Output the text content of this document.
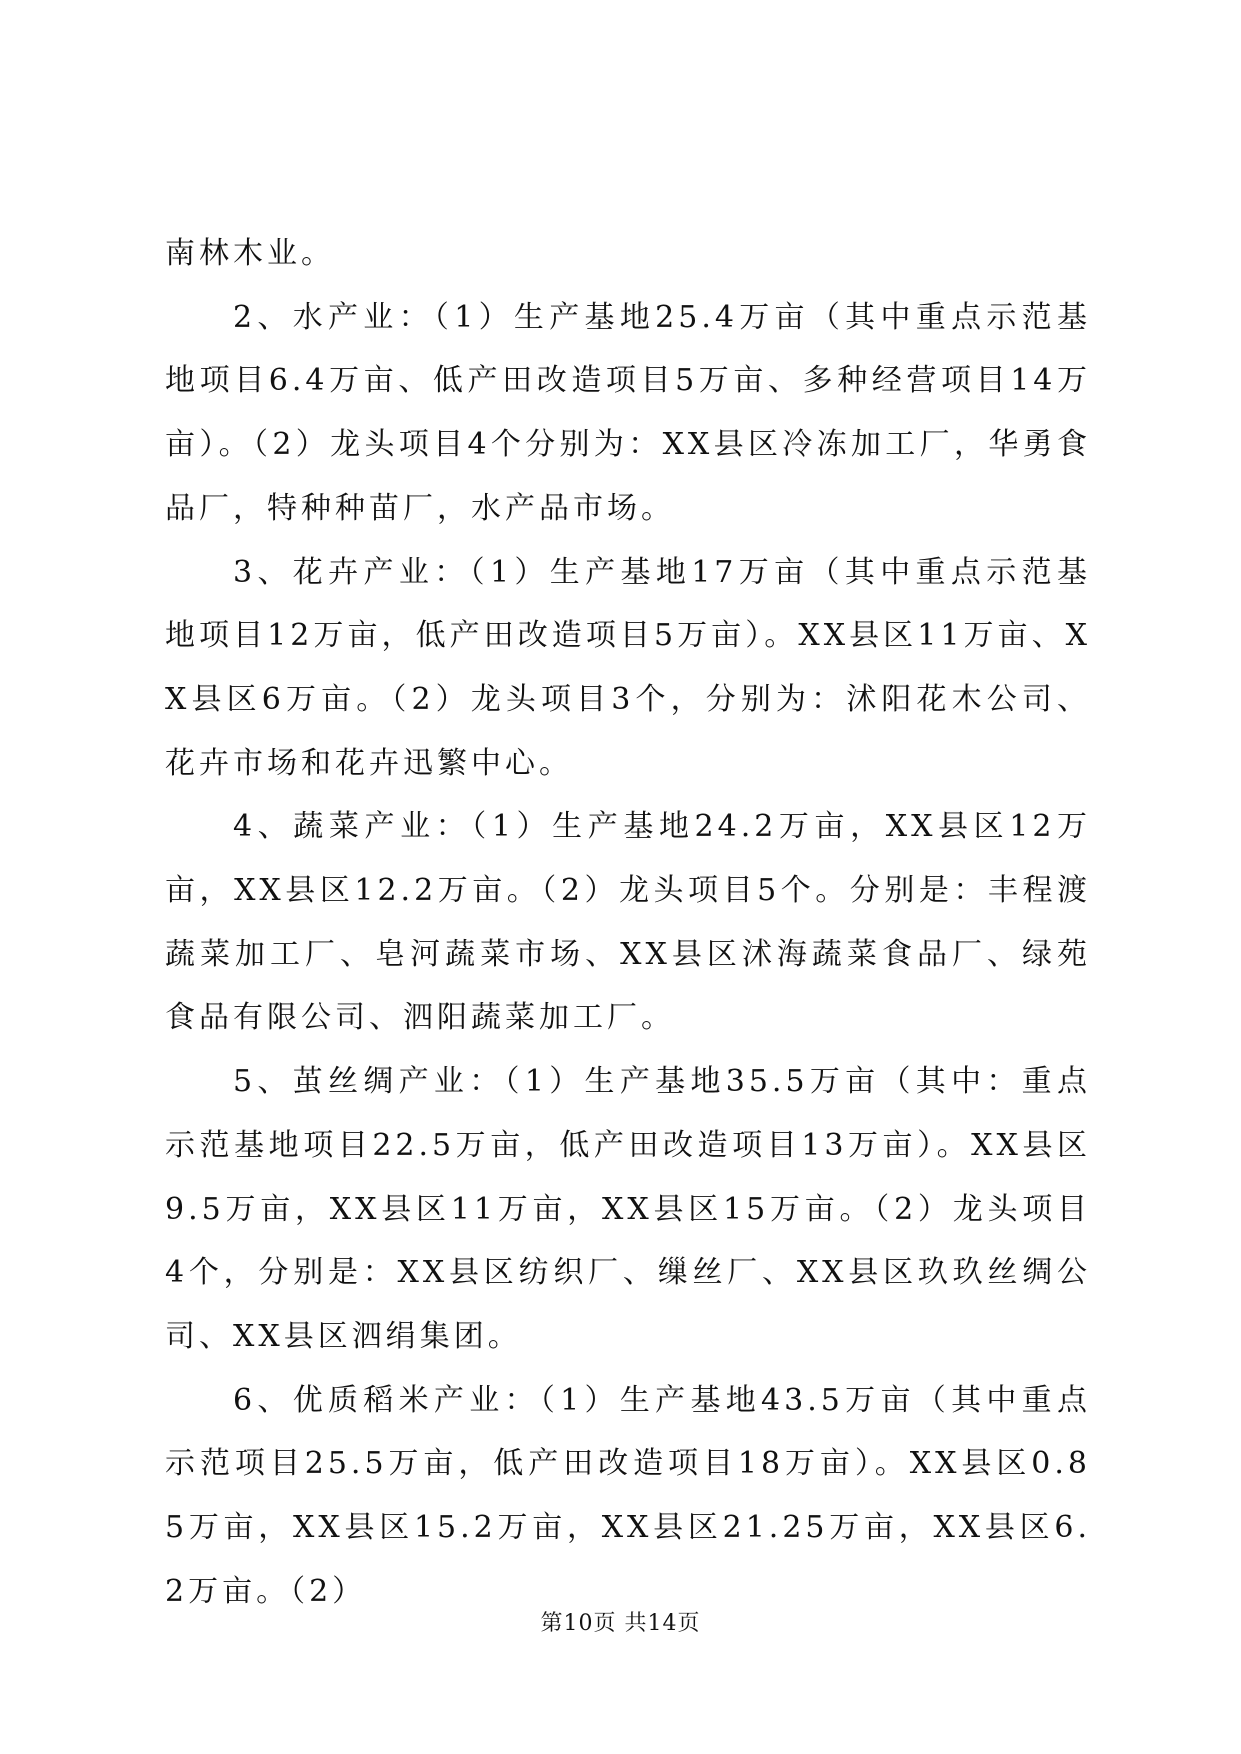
南林木业。

2、水产业：（1）生产基地25.4万亩（其中重点示范基地项目6.4万亩、低产田改造项目5万亩、多种经营项目14万亩）。（2）龙头项目4个分别为：XX县区冷冻加工厂，华勇食品厂，特种种苗厂，水产品市场。

3、花卉产业：（1）生产基地17万亩（其中重点示范基地项目12万亩，低产田改造项目5万亩）。XX县区11万亩、XX县区6万亩。（2）龙头项目3个，分别为：沭阳花木公司、花卉市场和花卉迅繁中心。

4、蔬菜产业：（1）生产基地24.2万亩，XX县区12万亩，XX县区12.2万亩。（2）龙头项目5个。分别是：丰程渡蔬菜加工厂、皂河蔬菜市场、XX县区沭海蔬菜食品厂、绿苑食品有限公司、泗阳蔬菜加工厂。

5、茧丝绸产业：（1）生产基地35.5万亩（其中：重点示范基地项目22.5万亩，低产田改造项目13万亩）。XX县区9.5万亩，XX县区11万亩，XX县区15万亩。（2）龙头项目4个，分别是：XX县区纺织厂、缫丝厂、XX县区玖玖丝绸公司、XX县区泗绢集团。

6、优质稻米产业：（1）生产基地43.5万亩（其中重点示范项目25.5万亩，低产田改造项目18万亩）。XX县区0.85万亩，XX县区15.2万亩，XX县区21.25万亩，XX县区6.2万亩。（2）

第10页 共14页
